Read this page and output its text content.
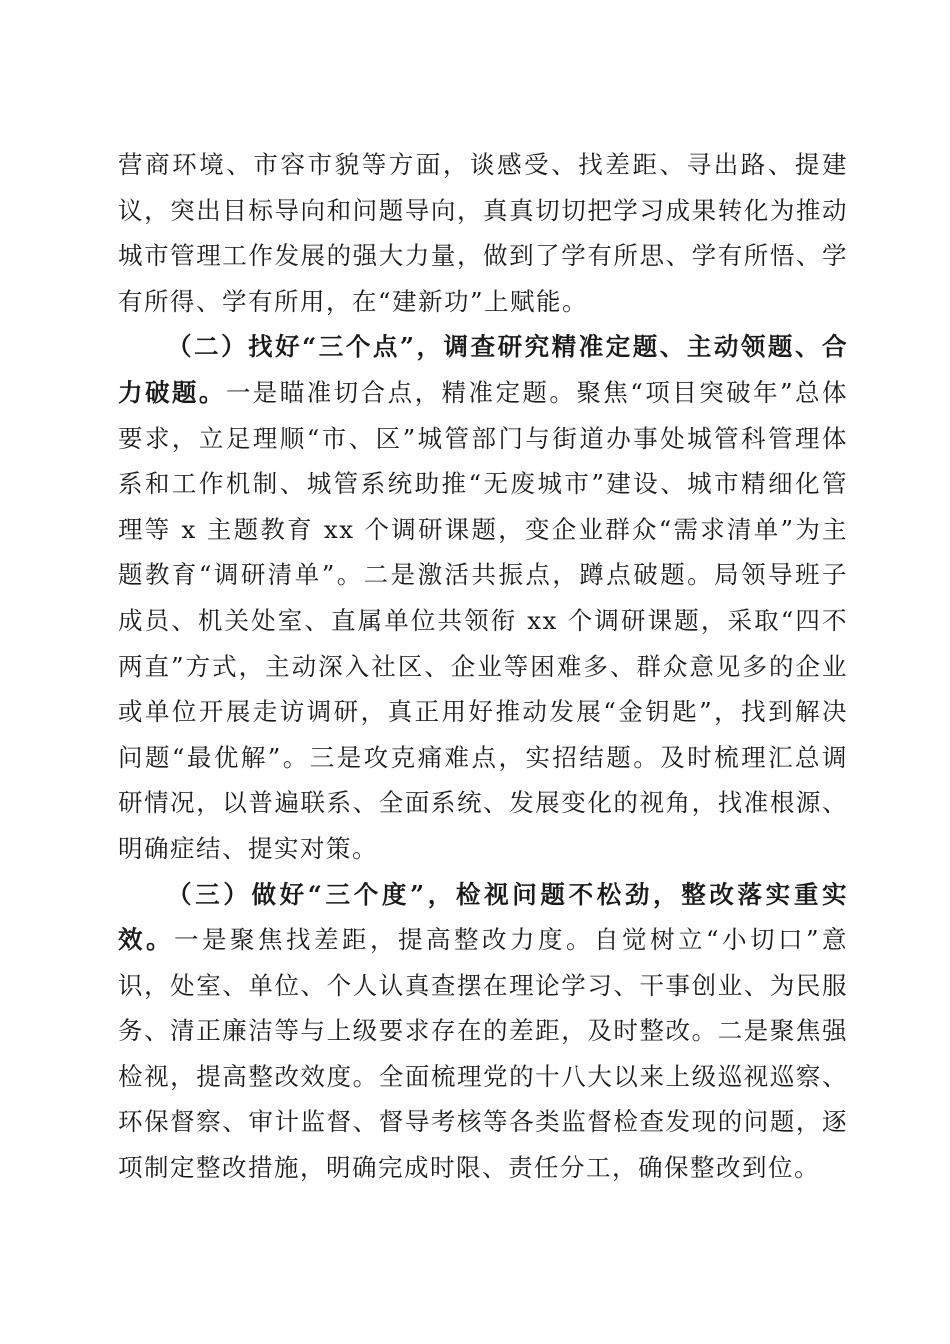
营商环境、市容市貌等方面，谈感受、找差距、寻出路、提建议，突出目标导向和问题导向，真真切切把学习成果转化为推动城市管理工作发展的强大力量，做到了学有所思、学有所悟、学有所得、学有所用，在“建新功”上赋能。

（二）找好“三个点”，调查研究精准定题、主动领题、合力破题。一是瞄准切合点，精准定题。聚焦“项目突破年”总体要求，立足理顺“市、区”城管部门与街道办事处城管科管理体系和工作机制、城管系统助推“无废城市”建设、城市精细化管理等 x 主题教育 xx 个调研课题，变企业群众“需求清单”为主题教育“调研清单”。二是激活共振点，蹲点破题。局领导班子成员、机关处室、直属单位共领衔 xx 个调研课题，采取“四不两直”方式，主动深入社区、企业等困难多、群众意见多的企业或单位开展走访调研，真正用好推动发展“金钥匙”，找到解决问题“最优解”。三是攻克痛难点，实招结题。及时梳理汇总调研情况，以普遍联系、全面系统、发展变化的视角，找准根源、明确症结、提实对策。

（三）做好“三个度”，检视问题不松劲，整改落实重实效。一是聚焦找差距，提高整改力度。自觉树立“小切口”意识，处室、单位、个人认真查摆在理论学习、干事创业、为民服务、清正廉洁等与上级要求存在的差距，及时整改。二是聚焦强检视，提高整改效度。全面梳理党的十八大以来上级巡视巡察、环保督察、审计监督、督导考核等各类监督检查发现的问题，逐项制定整改措施，明确完成时限、责任分工，确保整改到位。
